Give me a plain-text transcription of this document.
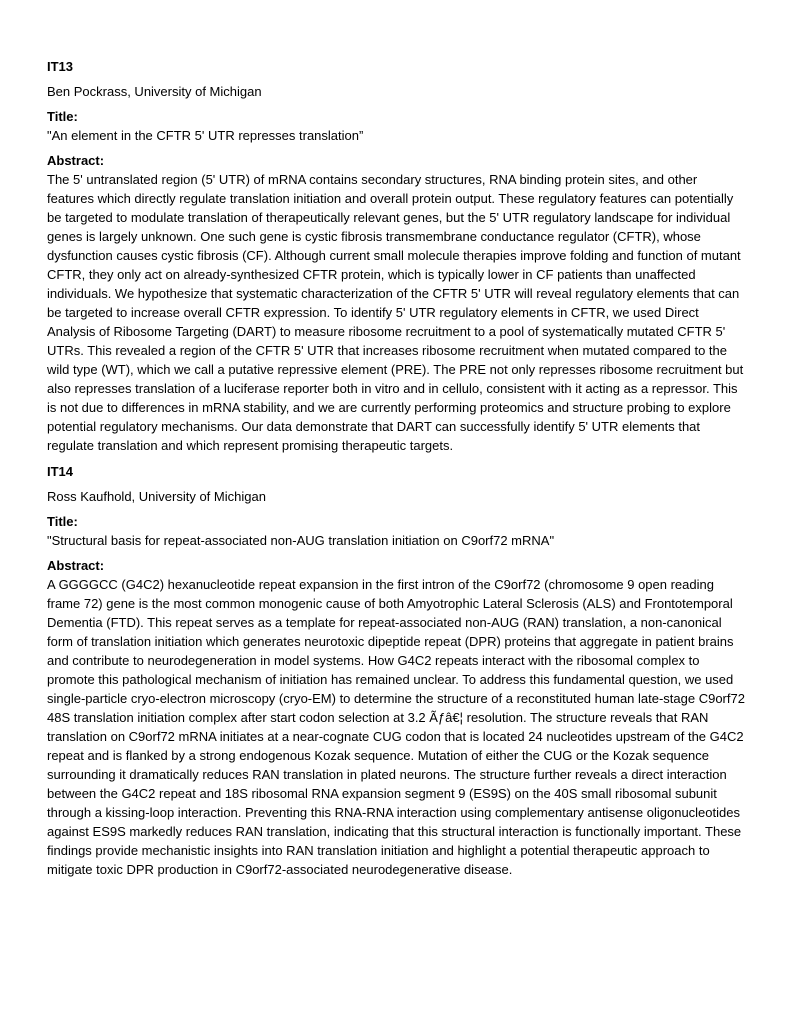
IT13

Ben Pockrass, University of Michigan

Title:
"An element in the CFTR 5' UTR represses translation”

Abstract:
The 5' untranslated region (5' UTR) of mRNA contains secondary structures, RNA binding protein sites, and other features which directly regulate translation initiation and overall protein output. These regulatory features can potentially be targeted to modulate translation of therapeutically relevant genes, but the 5' UTR regulatory landscape for individual genes is largely unknown. One such gene is cystic fibrosis transmembrane conductance regulator (CFTR), whose dysfunction causes cystic fibrosis (CF). Although current small molecule therapies improve folding and function of mutant CFTR, they only act on already-synthesized CFTR protein, which is typically lower in CF patients than unaffected individuals. We hypothesize that systematic characterization of the CFTR 5' UTR will reveal regulatory elements that can be targeted to increase overall CFTR expression. To identify 5' UTR regulatory elements in CFTR, we used Direct Analysis of Ribosome Targeting (DART) to measure ribosome recruitment to a pool of systematically mutated CFTR 5' UTRs. This revealed a region of the CFTR 5' UTR that increases ribosome recruitment when mutated compared to the wild type (WT), which we call a putative repressive element (PRE). The PRE not only represses ribosome recruitment but also represses translation of a luciferase reporter both in vitro and in cellulo, consistent with it acting as a repressor. This is not due to differences in mRNA stability, and we are currently performing proteomics and structure probing to explore potential regulatory mechanisms. Our data demonstrate that DART can successfully identify 5' UTR elements that regulate translation and which represent promising therapeutic targets.

IT14

Ross Kaufhold, University of Michigan

Title:
"Structural basis for repeat-associated non-AUG translation initiation on C9orf72 mRNA"

Abstract:
A GGGGCC (G4C2) hexanucleotide repeat expansion in the first intron of the C9orf72 (chromosome 9 open reading frame 72) gene is the most common monogenic cause of both Amyotrophic Lateral Sclerosis (ALS) and Frontotemporal Dementia (FTD). This repeat serves as a template for repeat-associated non-AUG (RAN) translation, a non-canonical form of translation initiation which generates neurotoxic dipeptide repeat (DPR) proteins that aggregate in patient brains and contribute to neurodegeneration in model systems. How G4C2 repeats interact with the ribosomal complex to promote this pathological mechanism of initiation has remained unclear. To address this fundamental question, we used single-particle cryo-electron microscopy (cryo-EM) to determine the structure of a reconstituted human late-stage C9orf72 48S translation initiation complex after start codon selection at 3.2 Ãƒâ€¦ resolution. The structure reveals that RAN translation on C9orf72 mRNA initiates at a near-cognate CUG codon that is located 24 nucleotides upstream of the G4C2 repeat and is flanked by a strong endogenous Kozak sequence. Mutation of either the CUG or the Kozak sequence surrounding it dramatically reduces RAN translation in plated neurons. The structure further reveals a direct interaction between the G4C2 repeat and 18S ribosomal RNA expansion segment 9 (ES9S) on the 40S small ribosomal subunit through a kissing-loop interaction. Preventing this RNA-RNA interaction using complementary antisense oligonucleotides against ES9S markedly reduces RAN translation, indicating that this structural interaction is functionally important. These findings provide mechanistic insights into RAN translation initiation and highlight a potential therapeutic approach to mitigate toxic DPR production in C9orf72-associated neurodegenerative disease.
